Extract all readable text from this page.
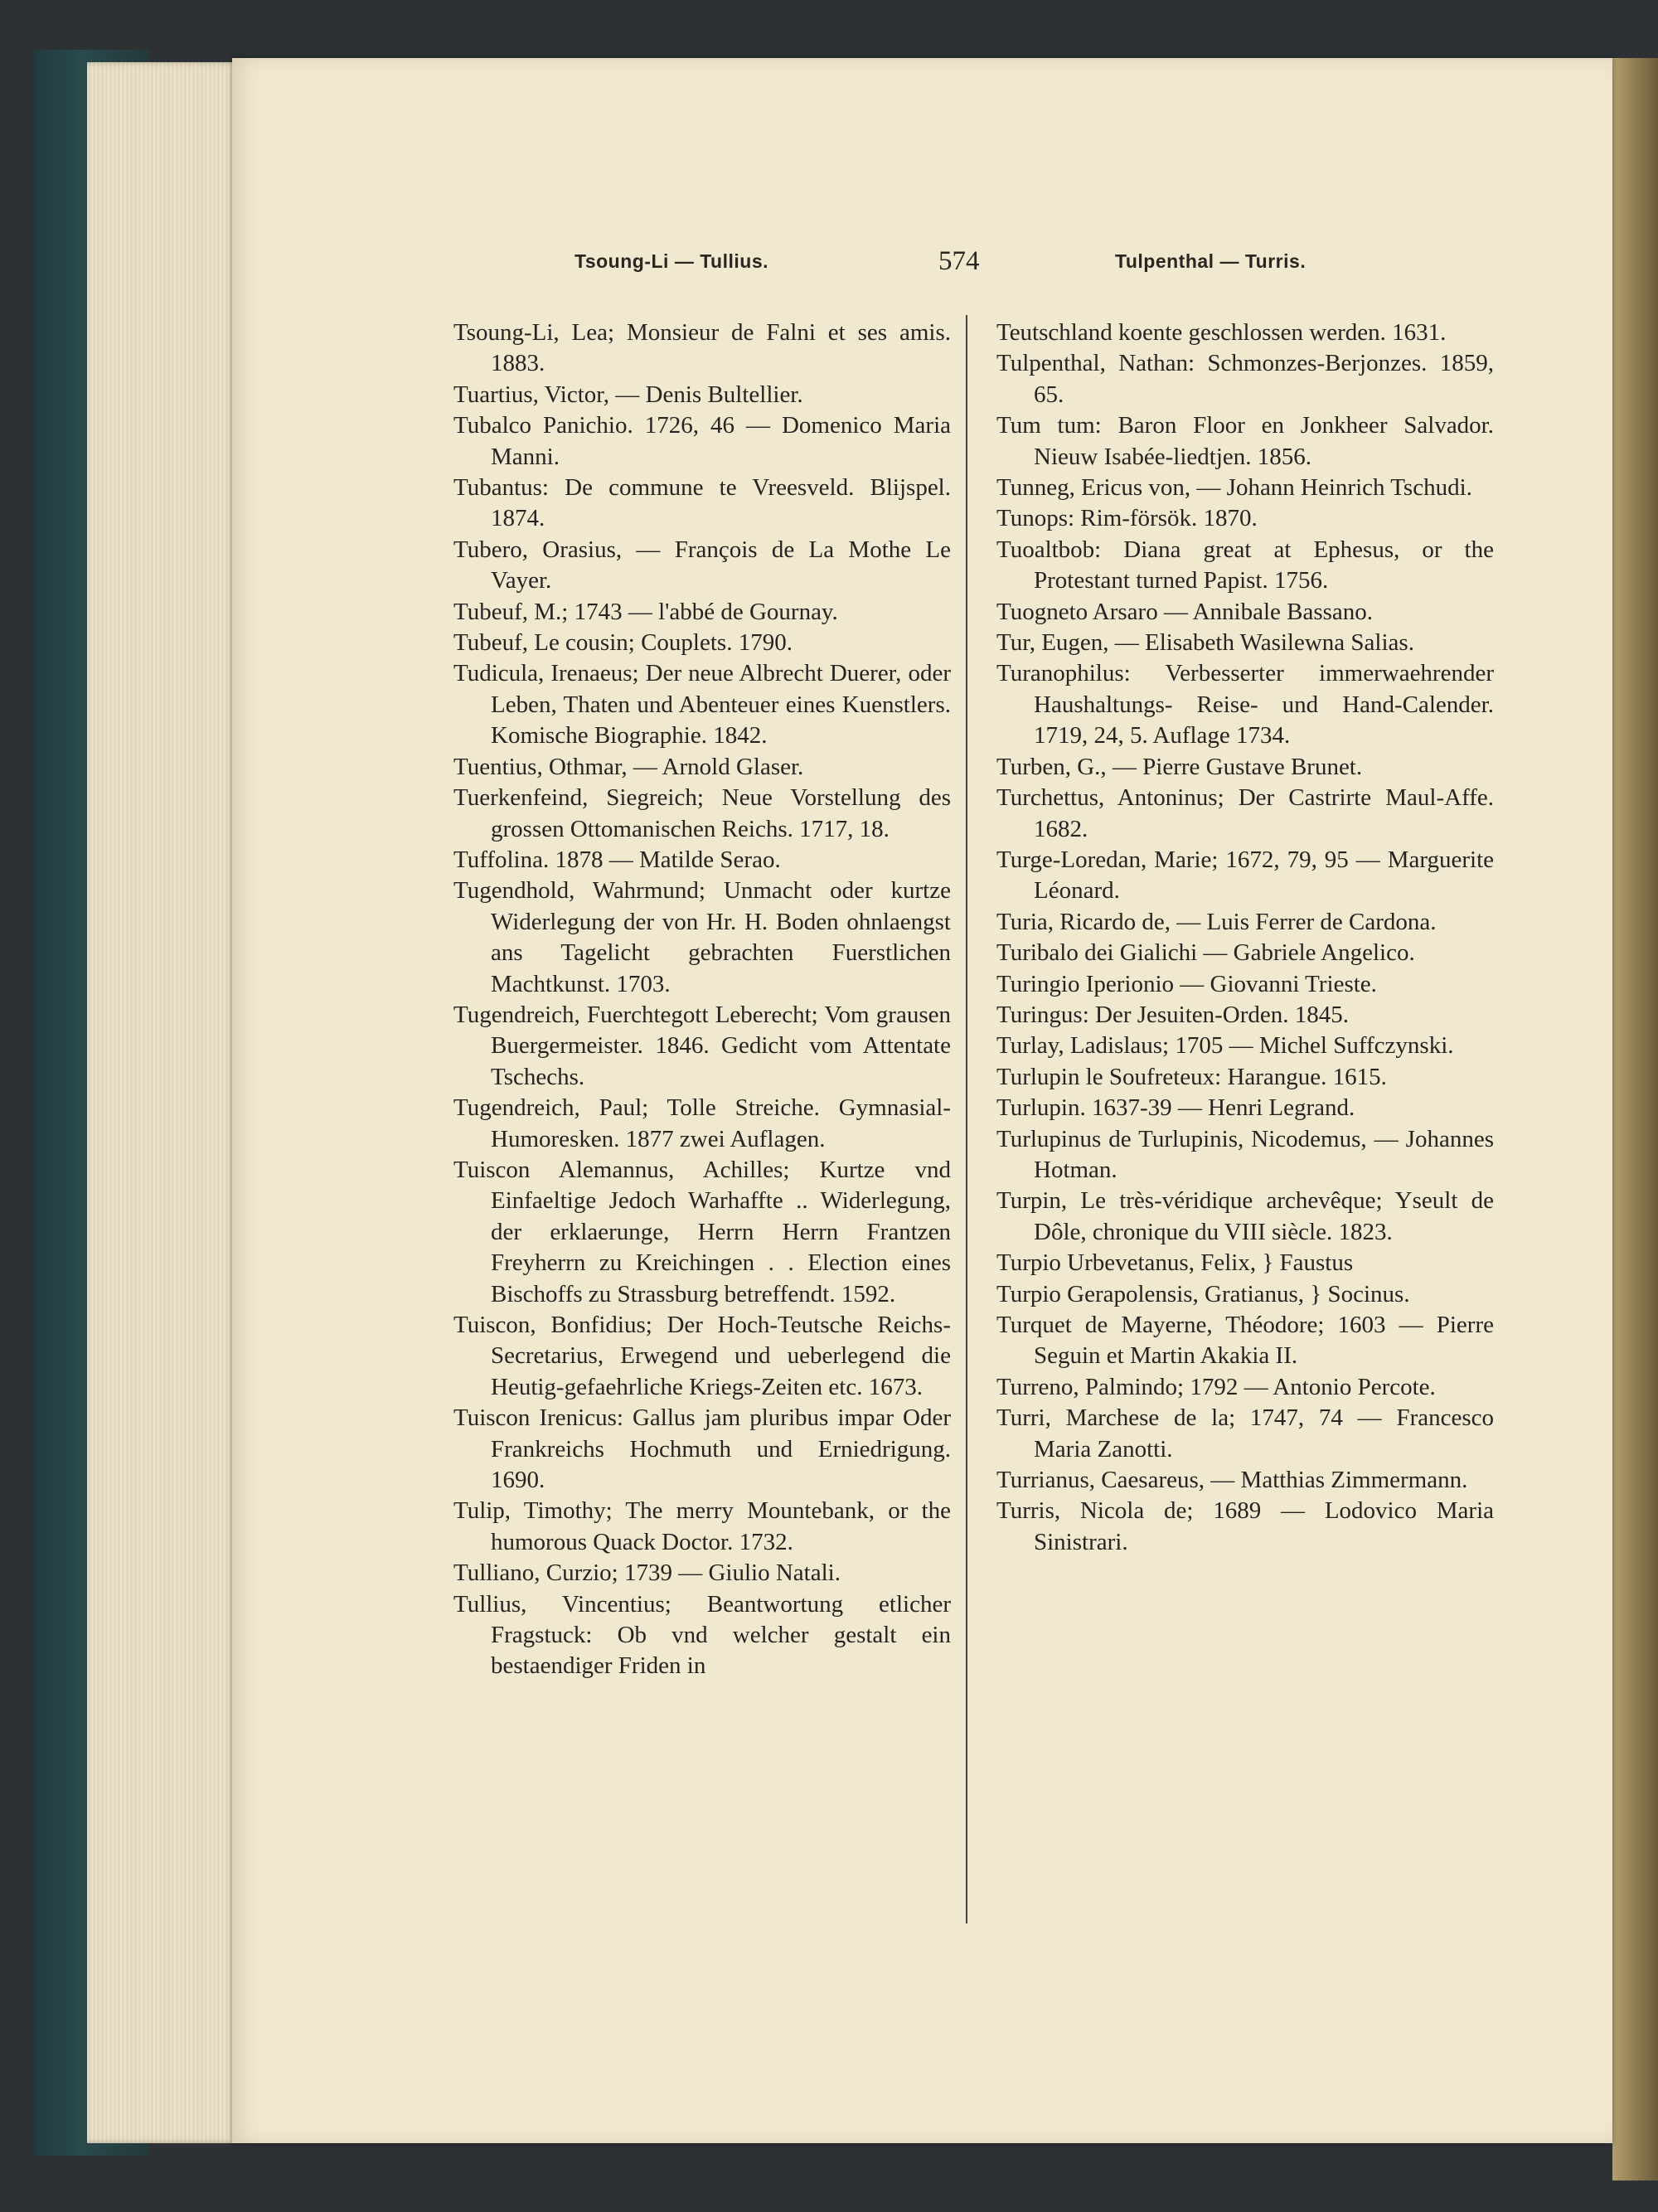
Tsoung-Li — Tullius.	574	Tulpenthal — Turris.
Tsoung-Li, Lea; Monsieur de Falni et ses amis. 1883.
Tuartius, Victor, — Denis Bultellier.
Tubalco Panichio. 1726, 46 — Domenico Maria Manni.
Tubantus: De commune te Vreesveld. Blijspel. 1874.
Tubero, Orasius, — François de La Mothe Le Vayer.
Tubeuf, M.; 1743 — l'abbé de Gournay.
Tubeuf, Le cousin; Couplets. 1790.
Tudicula, Irenaeus; Der neue Albrecht Duerer, oder Leben, Thaten und Abenteuer eines Kuenstlers. Komische Biographie. 1842.
Tuentius, Othmar, — Arnold Glaser.
Tuerkenfeind, Siegreich; Neue Vorstellung des grossen Ottomanischen Reichs. 1717, 18.
Tuffolina. 1878 — Matilde Serao.
Tugendhold, Wahrmund; Unmacht oder kurtze Widerlegung der von Hr. H. Boden ohnlaengst ans Tagelicht gebrachten Fuerstlichen Machtkunst. 1703.
Tugendreich, Fuerchtegott Leberecht; Vom grausen Buergermeister. 1846. Gedicht vom Attentate Tschechs.
Tugendreich, Paul; Tolle Streiche. Gymnasial-Humoresken. 1877 zwei Auflagen.
Tuiscon Alemannus, Achilles; Kurtze vnd Einfaeltige Jedoch Warhaffte .. Widerlegung, der erklaerunge, Herrn Herrn Frantzen Freyherrn zu Kreichingen . . Election eines Bischoffs zu Strassburg betreffendt. 1592.
Tuiscon, Bonfidius; Der Hoch-Teutsche Reichs-Secretarius, Erwegend und ueberlegend die Heutig-gefaehrliche Kriegs-Zeiten etc. 1673.
Tuiscon Irenicus: Gallus jam pluribus impar Oder Frankreichs Hochmuth und Erniedrigung. 1690.
Tulip, Timothy; The merry Mountebank, or the humorous Quack Doctor. 1732.
Tulliano, Curzio; 1739 — Giulio Natali.
Tullius, Vincentius; Beantwortung etlicher Fragstuck: Ob vnd welcher gestalt ein bestaendiger Friden in
Teutschland koente geschlossen werden. 1631.
Tulpenthal, Nathan: Schmonzes-Berjonzes. 1859, 65.
Tum tum: Baron Floor en Jonkheer Salvador. Nieuw Isabée-liedtjen. 1856.
Tunneg, Ericus von, — Johann Heinrich Tschudi.
Tunops: Rim-försök. 1870.
Tuoaltbob: Diana great at Ephesus, or the Protestant turned Papist. 1756.
Tuogneto Arsaro — Annibale Bassano.
Tur, Eugen, — Elisabeth Wasilewna Salias.
Turanophilus: Verbesserter immerwaehrender Haushaltungs- Reise- und Hand-Calender. 1719, 24, 5. Auflage 1734.
Turben, G., — Pierre Gustave Brunet.
Turchettus, Antoninus; Der Castrirte Maul-Affe. 1682.
Turge-Loredan, Marie; 1672, 79, 95 — Marguerite Léonard.
Turia, Ricardo de, — Luis Ferrer de Cardona.
Turibalo dei Gialichi — Gabriele Angelico.
Turingio Iperionio — Giovanni Trieste.
Turingus: Der Jesuiten-Orden. 1845.
Turlay, Ladislaus; 1705 — Michel Suffczynski.
Turlupin le Soufreteux: Harangue. 1615.
Turlupin. 1637-39 — Henri Legrand.
Turlupinus de Turlupinis, Nicodemus, — Johannes Hotman.
Turpin, Le très-véridique archevêque; Yseult de Dôle, chronique du VIII siècle. 1823.
Turpio Urbevetanus, Felix, } Faustus
Turpio Gerapolensis, Gratianus, } Socinus.
Turquet de Mayerne, Théodore; 1603 — Pierre Seguin et Martin Akakia II.
Turreno, Palmindo; 1792 — Antonio Percote.
Turri, Marchese de la; 1747, 74 — Francesco Maria Zanotti.
Turrianus, Caesareus, — Matthias Zimmermann.
Turris, Nicola de; 1689 — Lodovico Maria Sinistrari.
